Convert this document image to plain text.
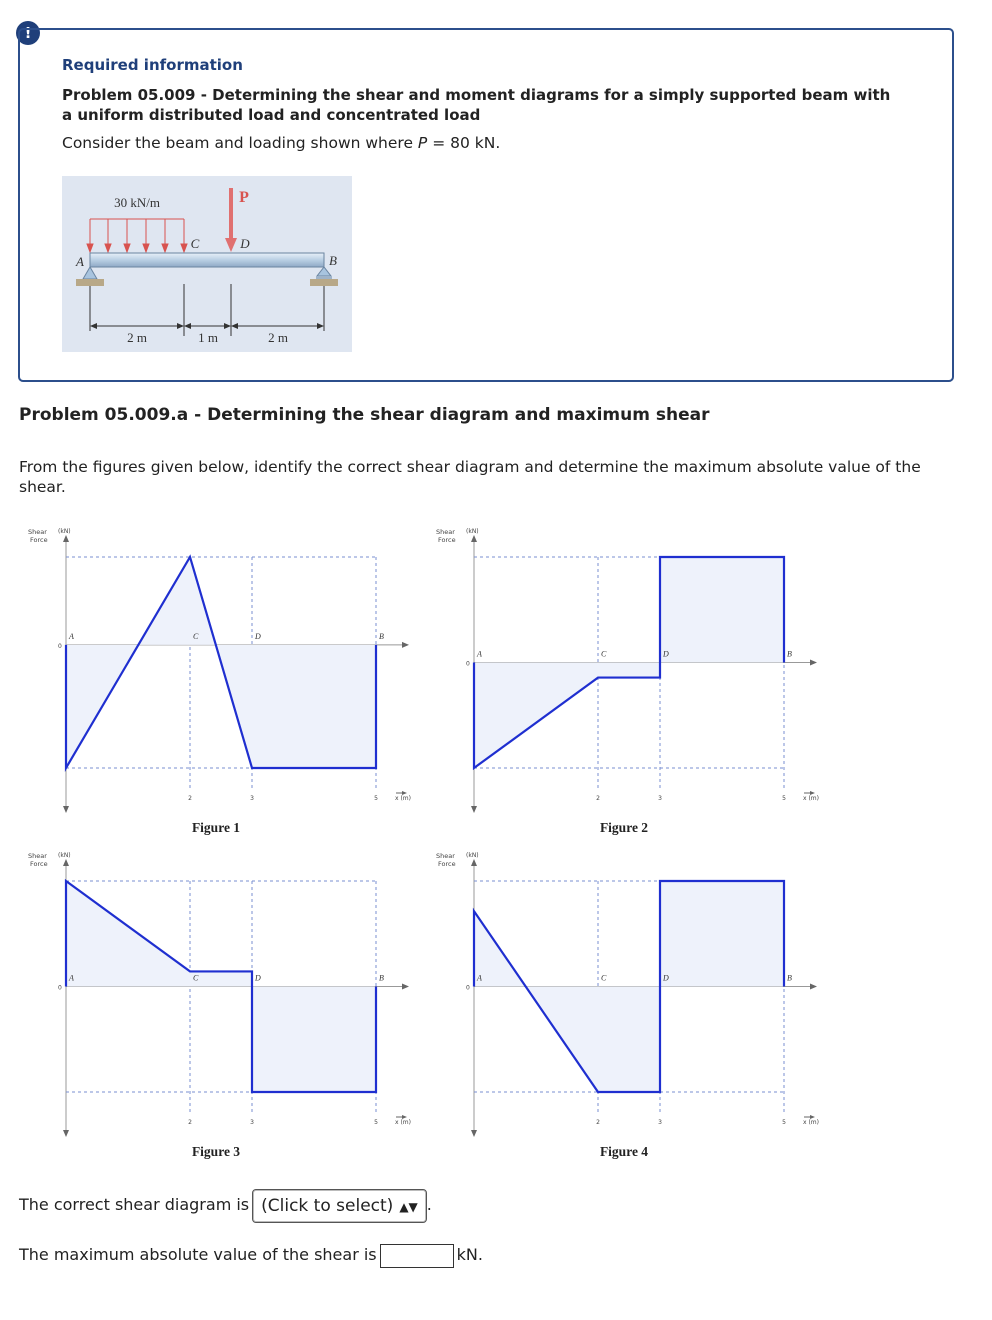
!
Required information
Problem 05.009 - Determining the shear and moment diagrams for a simply supported beam with a uniform distributed load and concentrated load
Consider the beam and loading shown where P = 80 kN.
30 kN/m	P
A
C	D
B
2 m	1 m	2 m
Problem 05.009.a - Determining the shear diagram and maximum shear
From the figures given below, identify the correct shear diagram and determine the maximum absolute value of the shear.
Shear
Force
(kN)
0
2	3	5	x (m)
A	C	D	B
Figure 1
Shear
Force
(kN)
0
2	3	5	x (m)
A	C	D	B
Figure 2
Shear
Force
(kN)
0
2	3	5	x (m)
A	C	D	B
Figure 3
Shear
Force
(kN)
0
2	3	5	x (m)
A	C	D	B
Figure 4
The correct shear diagram is (Click to select) ▲▼ .
The maximum absolute value of the shear is	kN.
